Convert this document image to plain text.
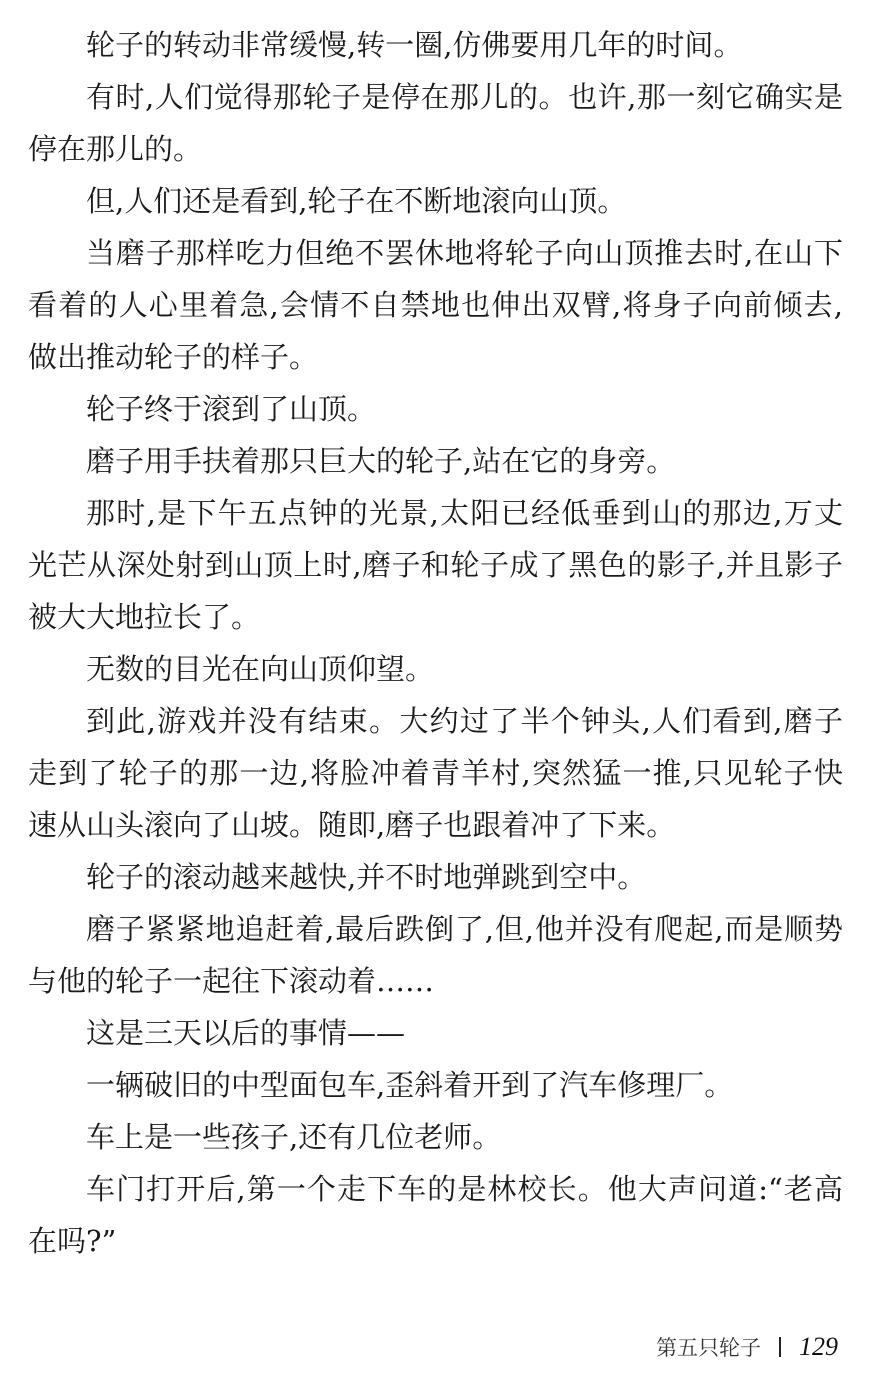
轮子的转动非常缓慢,转一圈,仿佛要用几年的时间。
有时,人们觉得那轮子是停在那儿的。也许,那一刻它确实是
停在那儿的。
但,人们还是看到,轮子在不断地滚向山顶。
当磨子那样吃力但绝不罢休地将轮子向山顶推去时,在山下
看着的人心里着急,会情不自禁地也伸出双臂,将身子向前倾去,
做出推动轮子的样子。
轮子终于滚到了山顶。
磨子用手扶着那只巨大的轮子,站在它的身旁。
那时,是下午五点钟的光景,太阳已经低垂到山的那边,万丈
光芒从深处射到山顶上时,磨子和轮子成了黑色的影子,并且影子
被大大地拉长了。
无数的目光在向山顶仰望。
到此,游戏并没有结束。大约过了半个钟头,人们看到,磨子
走到了轮子的那一边,将脸冲着青羊村,突然猛一推,只见轮子快
速从山头滚向了山坡。随即,磨子也跟着冲了下来。
轮子的滚动越来越快,并不时地弹跳到空中。
磨子紧紧地追赶着,最后跌倒了,但,他并没有爬起,而是顺势
与他的轮子一起往下滚动着……
这是三天以后的事情——
一辆破旧的中型面包车,歪斜着开到了汽车修理厂。
车上是一些孩子,还有几位老师。
车门打开后,第一个走下车的是林校长。他大声问道:“老高
在吗?”
第五只轮子 129
